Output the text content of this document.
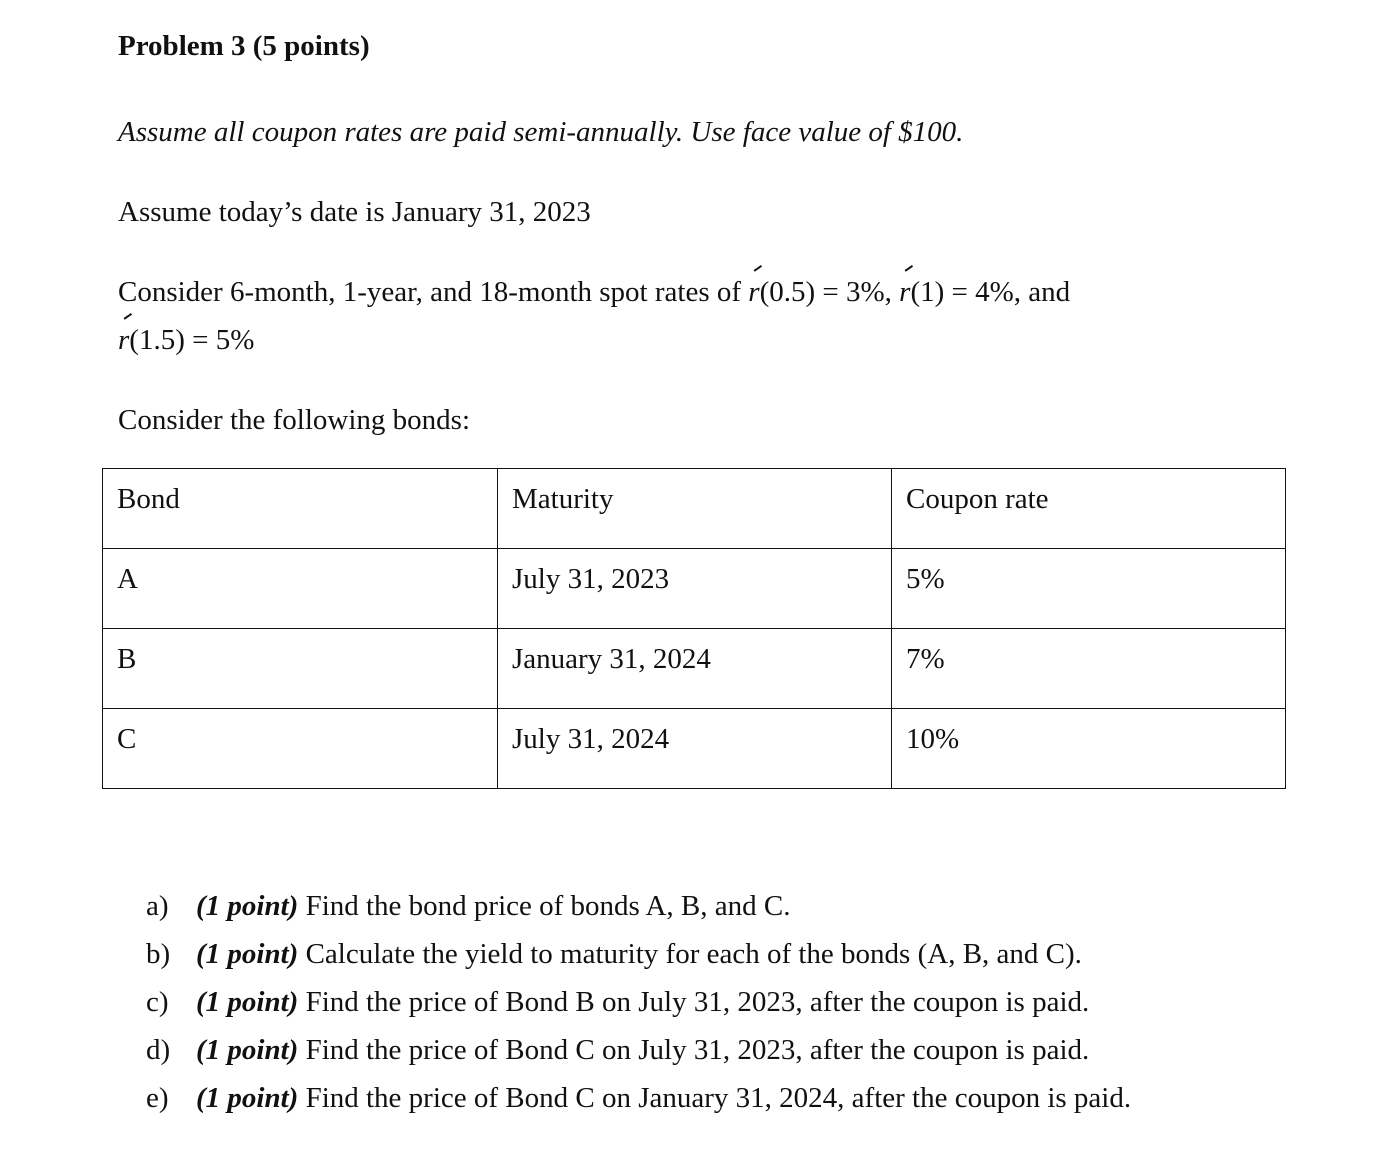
Problem 3 (5 points)
Assume all coupon rates are paid semi-annually. Use face value of $100.
Assume today’s date is January 31, 2023
Consider 6-month, 1-year, and 18-month spot rates of r(0.5) = 3%, r(1) = 4%, and
r(1.5) = 5%
Consider the following bonds:
Bond	Maturity	Coupon rate
A	July 31, 2023	5%
B	January 31, 2024	7%
C	July 31, 2024	10%
a) (1 point) Find the bond price of bonds A, B, and C.
b) (1 point) Calculate the yield to maturity for each of the bonds (A, B, and C).
c) (1 point) Find the price of Bond B on July 31, 2023, after the coupon is paid.
d) (1 point) Find the price of Bond C on July 31, 2023, after the coupon is paid.
e) (1 point) Find the price of Bond C on January 31, 2024, after the coupon is paid.
